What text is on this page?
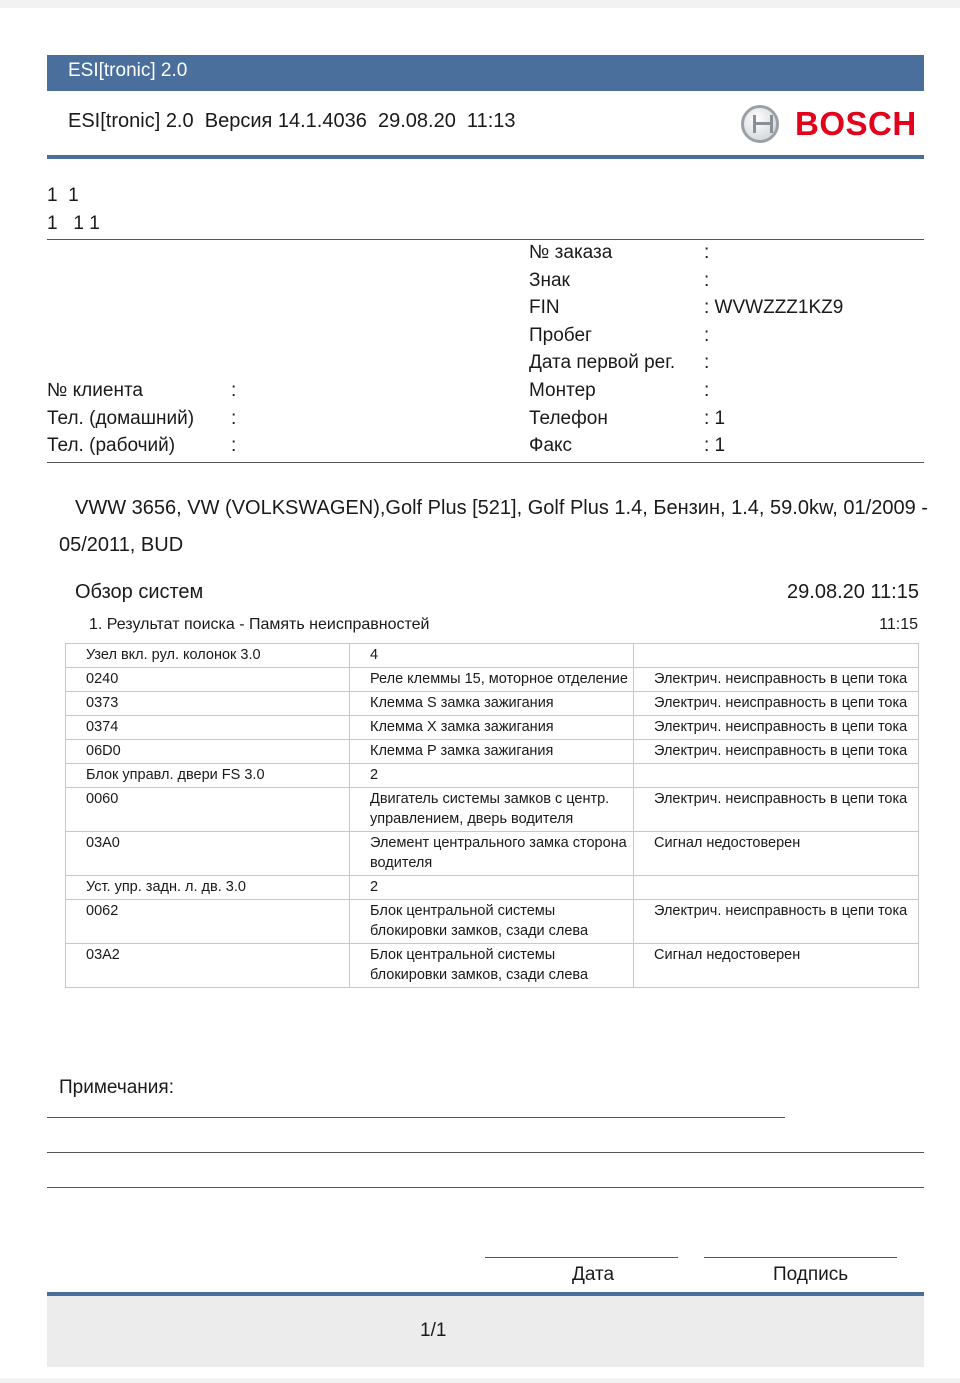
ESI[tronic] 2.0
ESI[tronic] 2.0  Версия 14.1.4036  29.08.20  11:13	BOSCH
1  1
1   1 1
№ заказа	:
Знак	:
FIN	: WVWZZZ1KZ9
Пробег	:
Дата первой рег. :
Монтер	:
Телефон	: 1
Факс	: 1
№ клиента	:
Тел. (домашний) :
Тел. (рабочий)	:
VWW 3656, VW (VOLKSWAGEN),Golf Plus [521], Golf Plus 1.4, Бензин, 1.4, 59.0kw, 01/2009 - 05/2011, BUD
Обзор систем	29.08.20 11:15
1. Результат поиска - Память неисправностей	11:15
Узел вкл. рул. колонок 3.0	4	
0240	Реле клеммы 15, моторное отделение	Электрич. неисправность в цепи тока
0373	Клемма S замка зажигания	Электрич. неисправность в цепи тока
0374	Клемма X замка зажигания	Электрич. неисправность в цепи тока
06D0	Клемма P замка зажигания	Электрич. неисправность в цепи тока
Блок управл. двери FS 3.0	2	
0060	Двигатель системы замков с центр. управлением, дверь водителя	Электрич. неисправность в цепи тока
03A0	Элемент центрального замка сторона водителя	Сигнал недостоверен
Уст. упр. задн. л. дв. 3.0	2	
0062	Блок центральной системы блокировки замков, сзади слева	Электрич. неисправность в цепи тока
03A2	Блок центральной системы блокировки замков, сзади слева	Сигнал недостоверен
Примечания:
Дата	Подпись
1/1
